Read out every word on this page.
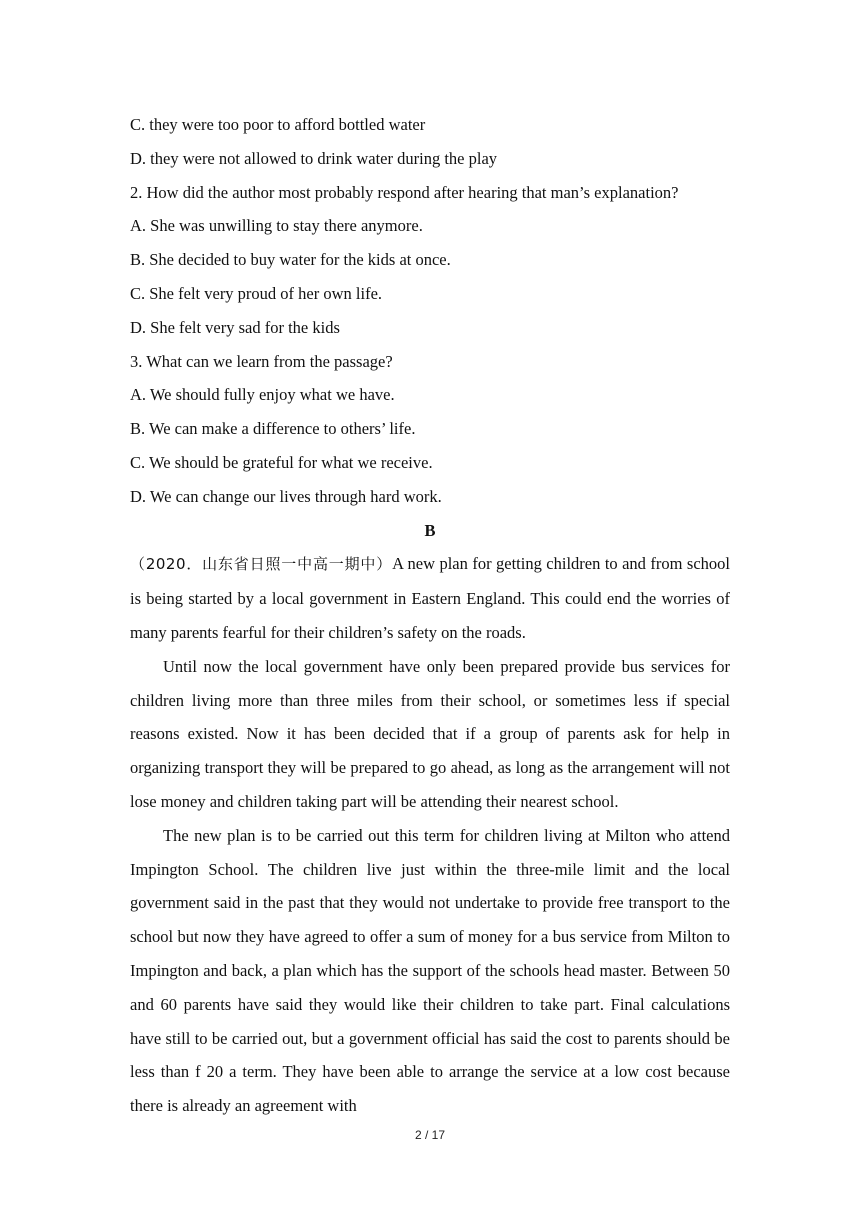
C. they were too poor to afford bottled water
D. they were not allowed to drink water during the play
2. How did the author most probably respond after hearing that man’s explanation?
A. She was unwilling to stay there anymore.
B. She decided to buy water for the kids at once.
C. She felt very proud of her own life.
D. She felt very sad for the kids
3. What can we learn from the passage?
A. We should fully enjoy what we have.
B. We can make a difference to others’ life.
C. We should be grateful for what we receive.
D. We can change our lives through hard work.
B

（2020．山东省日照一中高一期中）A new plan for getting children to and from school is being started by a local government in Eastern England. This could end the worries of many parents fearful for their children’s safety on the roads.

Until now the local government have only been prepared provide bus services for children living more than three miles from their school, or sometimes less if special reasons existed. Now it has been decided that if a group of parents ask for help in organizing transport they will be prepared to go ahead, as long as the arrangement will not lose money and children taking part will be attending their nearest school.

The new plan is to be carried out this term for children living at Milton who attend Impington School. The children live just within the three-mile limit and the local government said in the past that they would not undertake to provide free transport to the school but now they have agreed to offer a sum of money for a bus service from Milton to Impington and back, a plan which has the support of the schools head master. Between 50 and 60 parents have said they would like their children to take part. Final calculations have still to be carried out, but a government official has said the cost to parents should be less than f 20 a term. They have been able to arrange the service at a low cost because there is already an agreement with

2 / 17
